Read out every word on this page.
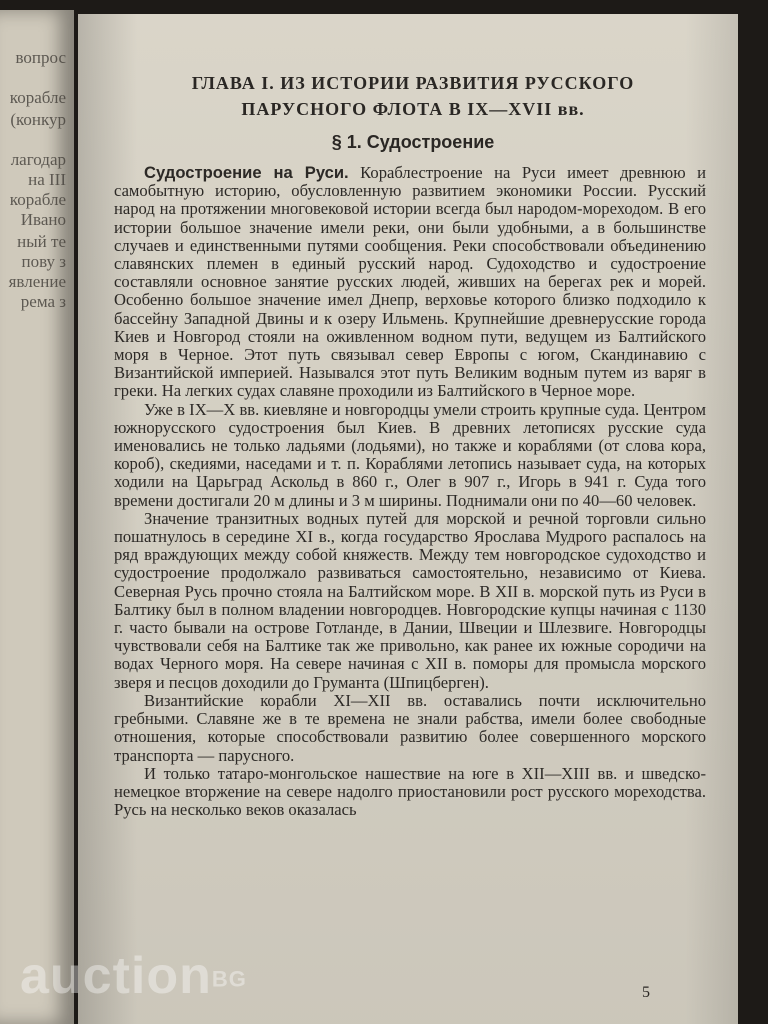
вопрос
корабле
(конкур
лагодар
на III
корабле
Ивано
ный те
пову з
явление
рема з
ГЛАВА I. ИЗ ИСТОРИИ РАЗВИТИЯ РУССКОГО
ПАРУСНОГО ФЛОТА В IX—XVII вв.
§ 1. Судостроение

Судостроение на Руси. Кораблестроение на Руси имеет древнюю и самобытную историю, обусловленную развитием экономики России. Русский народ на протяжении многовековой истории всегда был народом-мореходом. В его истории большое значение имели реки, они были удобными, а в большинстве случаев и единственными путями сообщения. Реки способствовали объединению славянских племен в единый русский народ. Судоходство и судостроение составляли основное занятие русских людей, живших на берегах рек и морей. Особенно большое значение имел Днепр, верховье которого близко подходило к бассейну Западной Двины и к озеру Ильмень. Крупнейшие древнерусские города Киев и Новгород стояли на оживленном водном пути, ведущем из Балтийского моря в Черное. Этот путь связывал север Европы с югом, Скандинавию с Византийской империей. Назывался этот путь Великим водным путем из варяг в греки. На легких судах славяне проходили из Балтийского в Черное море.

Уже в IX—X вв. киевляне и новгородцы умели строить крупные суда. Центром южнорусского судостроения был Киев. В древних летописях русские суда именовались не только ладьями (лодьями), но также и кораблями (от слова кора, короб), скедиями, наседами и т. п. Кораблями летопись называет суда, на которых ходили на Царьград Аскольд в 860 г., Олег в 907 г., Игорь в 941 г. Суда того времени достигали 20 м длины и 3 м ширины. Поднимали они по 40—60 человек.

Значение транзитных водных путей для морской и речной торговли сильно пошатнулось в середине XI в., когда государство Ярослава Мудрого распалось на ряд враждующих между собой княжеств. Между тем новгородское судоходство и судостроение продолжало развиваться самостоятельно, независимо от Киева. Северная Русь прочно стояла на Балтийском море. В XII в. морской путь из Руси в Балтику был в полном владении новгородцев. Новгородские купцы начиная с 1130 г. часто бывали на острове Готланде, в Дании, Швеции и Шлезвиге. Новгородцы чувствовали себя на Балтике так же привольно, как ранее их южные сородичи на водах Черного моря. На севере начиная с XII в. поморы для промысла морского зверя и песцов доходили до Груманта (Шпицберген).

Византийские корабли XI—XII вв. оставались почти исключительно гребными. Славяне же в те времена не знали рабства, имели более свободные отношения, которые способствовали развитию более совершенного морского транспорта — парусного.

И только татаро-монгольское нашествие на юге в XII—XIII вв. и шведско-немецкое вторжение на севере надолго приостановили рост русского мореходства. Русь на несколько веков оказалась

5
auctionBG
